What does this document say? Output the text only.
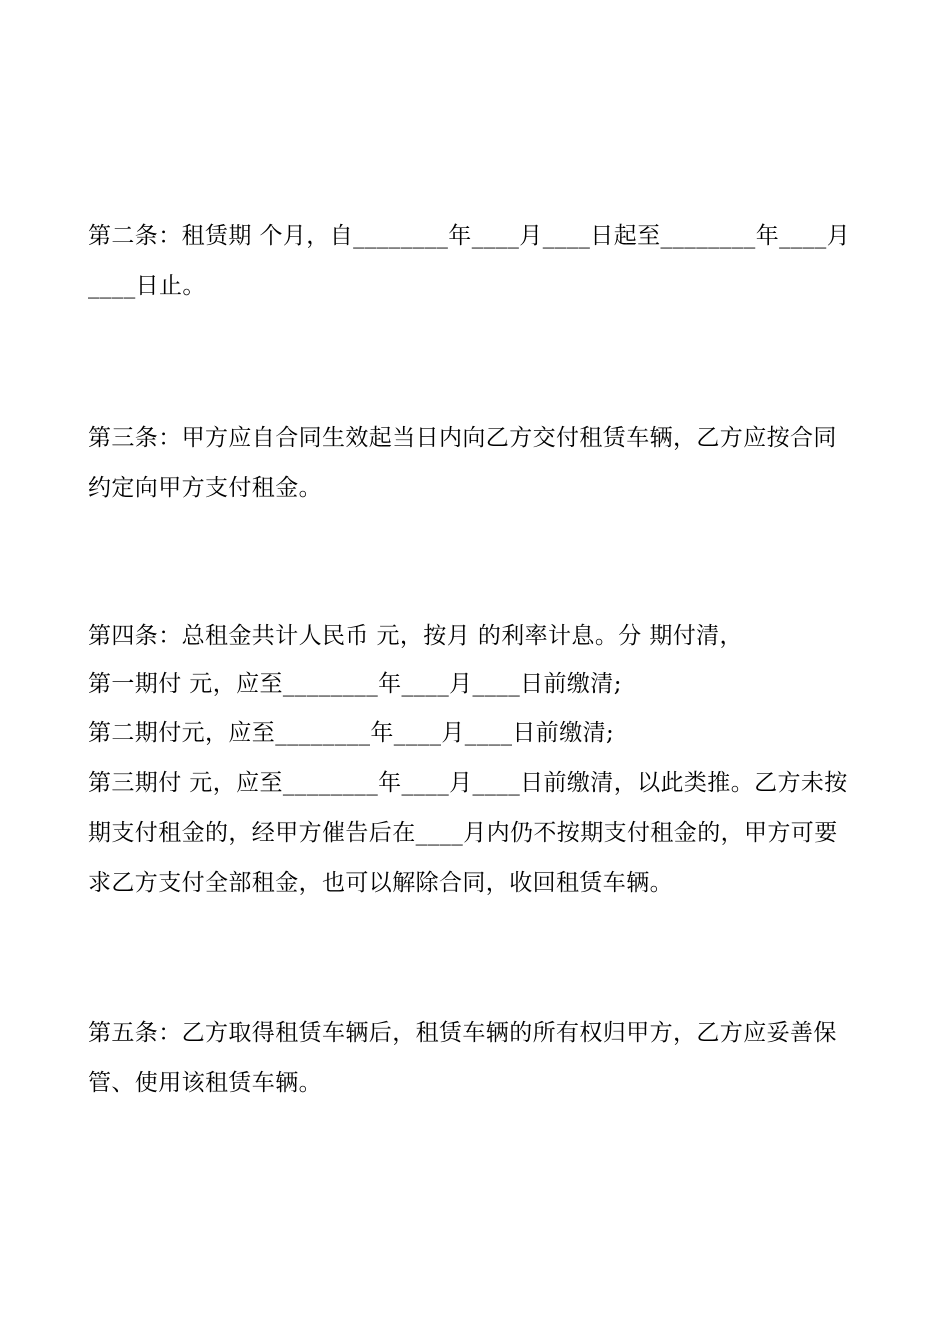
第二条：租赁期 个月，自________年____月____日起至________年____月
____日止。
第三条：甲方应自合同生效起当日内向乙方交付租赁车辆，乙方应按合同
约定向甲方支付租金。
第四条：总租金共计人民币 元，按月 的利率计息。分 期付清，
第一期付 元，应至________年____月____日前缴清;
第二期付元，应至________年____月____日前缴清;
第三期付 元，应至________年____月____日前缴清，以此类推。乙方未按
期支付租金的，经甲方催告后在____月内仍不按期支付租金的，甲方可要
求乙方支付全部租金，也可以解除合同，收回租赁车辆。
第五条：乙方取得租赁车辆后，租赁车辆的所有权归甲方，乙方应妥善保
管、使用该租赁车辆。
